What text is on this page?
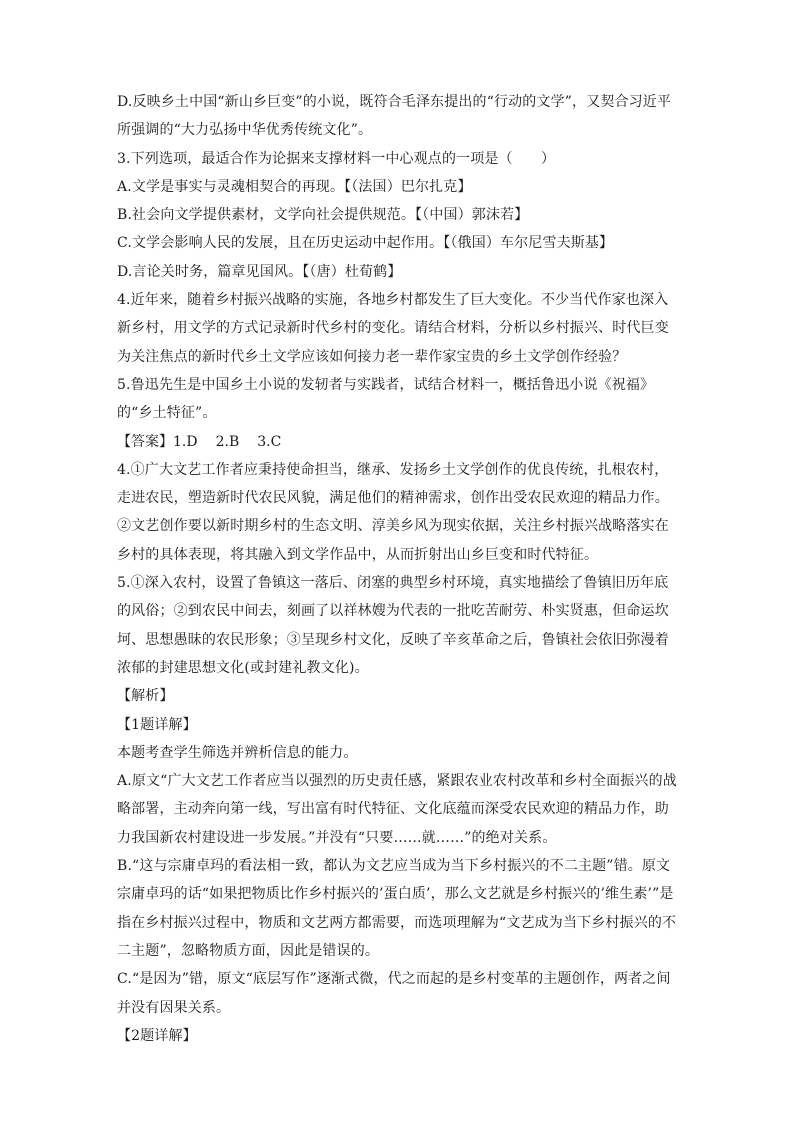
D.反映乡土中国“新山乡巨变”的小说，既符合毛泽东提出的“行动的文学”，又契合习近平所强调的“大力弘扬中华优秀传统文化”。

3.下列选项，最适合作为论据来支撑材料一中心观点的一项是（　　）

A.文学是事实与灵魂相契合的再现。【（法国）巴尔扎克】

B.社会向文学提供素材，文学向社会提供规范。【（中国）郭沫若】

C.文学会影响人民的发展，且在历史运动中起作用。【（俄国）车尔尼雪夫斯基】

D.言论关时务，篇章见国风。【（唐）杜荀鹤】

4.近年来，随着乡村振兴战略的实施，各地乡村都发生了巨大变化。不少当代作家也深入新乡村，用文学的方式记录新时代乡村的变化。请结合材料，分析以乡村振兴、时代巨变为关注焦点的新时代乡土文学应该如何接力老一辈作家宝贵的乡土文学创作经验？

5.鲁迅先生是中国乡土小说的发轫者与实践者，试结合材料一，概括鲁迅小说《祝福》的“乡土特征”。

【答案】1.D 2.B 3.C

4.①广大文艺工作者应秉持使命担当，继承、发扬乡土文学创作的优良传统，扎根农村，走进农民，塑造新时代农民风貌，满足他们的精神需求，创作出受农民欢迎的精品力作。②文艺创作要以新时期乡村的生态文明、淳美乡风为现实依据，关注乡村振兴战略落实在乡村的具体表现，将其融入到文学作品中，从而折射出山乡巨变和时代特征。

5.①深入农村，设置了鲁镇这一落后、闭塞的典型乡村环境，真实地描绘了鲁镇旧历年底的风俗；②到农民中间去，刻画了以祥林嫂为代表的一批吃苦耐劳、朴实贤惠，但命运坎坷、思想愚昧的农民形象；③呈现乡村文化，反映了辛亥革命之后，鲁镇社会依旧弥漫着浓郁的封建思想文化(或封建礼教文化)。

【解析】

【1题详解】

本题考查学生筛选并辨析信息的能力。

A.原文“广大文艺工作者应当以强烈的历史责任感，紧跟农业农村改革和乡村全面振兴的战略部署，主动奔向第一线，写出富有时代特征、文化底蕴而深受农民欢迎的精品力作，助力我国新农村建设进一步发展。”并没有“只要……就……”的绝对关系。

B.“这与宗庸卓玛的看法相一致，都认为文艺应当成为当下乡村振兴的不二主题”错。原文宗庸卓玛的话“如果把物质比作乡村振兴的’蛋白质’，那么文艺就是乡村振兴的’维生素’”是指在乡村振兴过程中，物质和文艺两方都需要，而选项理解为“文艺成为当下乡村振兴的不二主题”，忽略物质方面，因此是错误的。

C.“是因为”错，原文“底层写作”逐渐式微，代之而起的是乡村变革的主题创作，两者之间并没有因果关系。

【2题详解】
